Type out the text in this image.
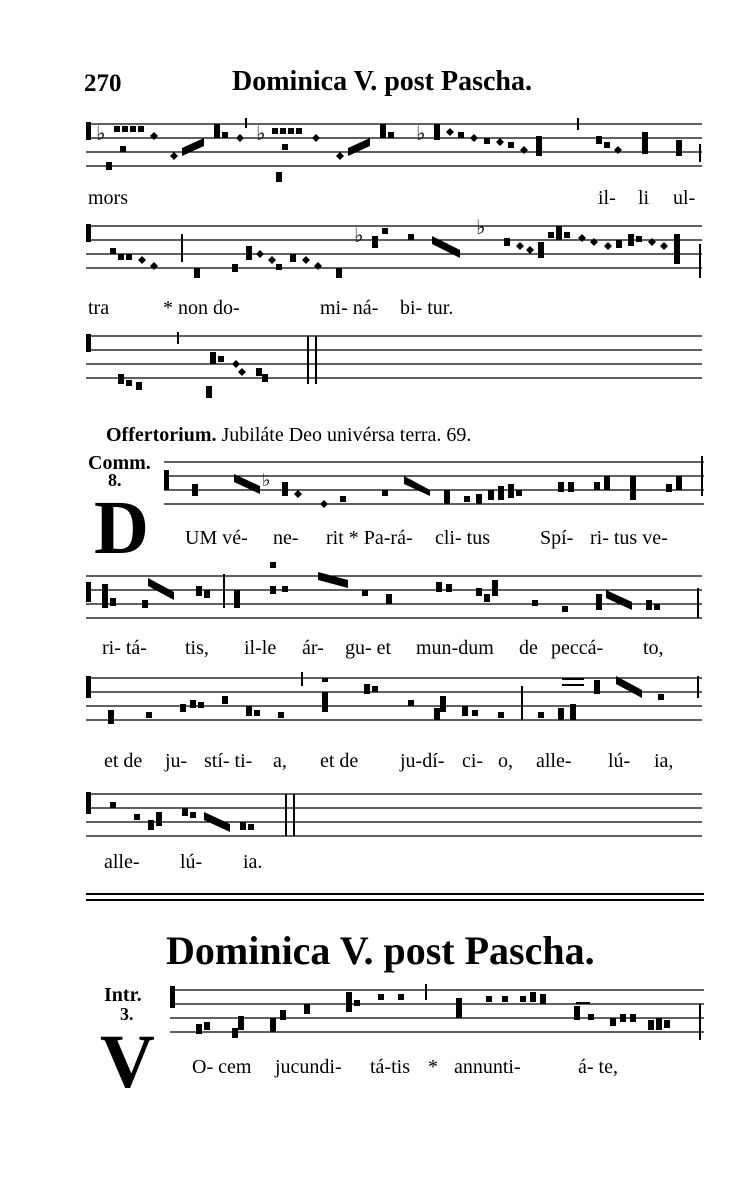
270	Dominica V. post Pascha.
♭	♭	♭
mors	il- li ul-
♭	♭
tra	* non do-	mi- ná- bi- tur.
Offertorium. Jubiláte Deo univérsa terra. 69.
Comm.
8.
D
♭
UM vé- ne- rit * Pa-rá- cli- tus	Spí- ri- tus ve-
ri- tá- tis, il-le ár- gu- et mun-dum de peccá- to,
et de ju- stí- ti- a, et de ju-dí- ci- o, alle- lú- ia,
alle- lú- ia.
Dominica V. post Pascha.
Intr.
3.
V O- cem jucundi- tá-tis * annunti-	á- te,
